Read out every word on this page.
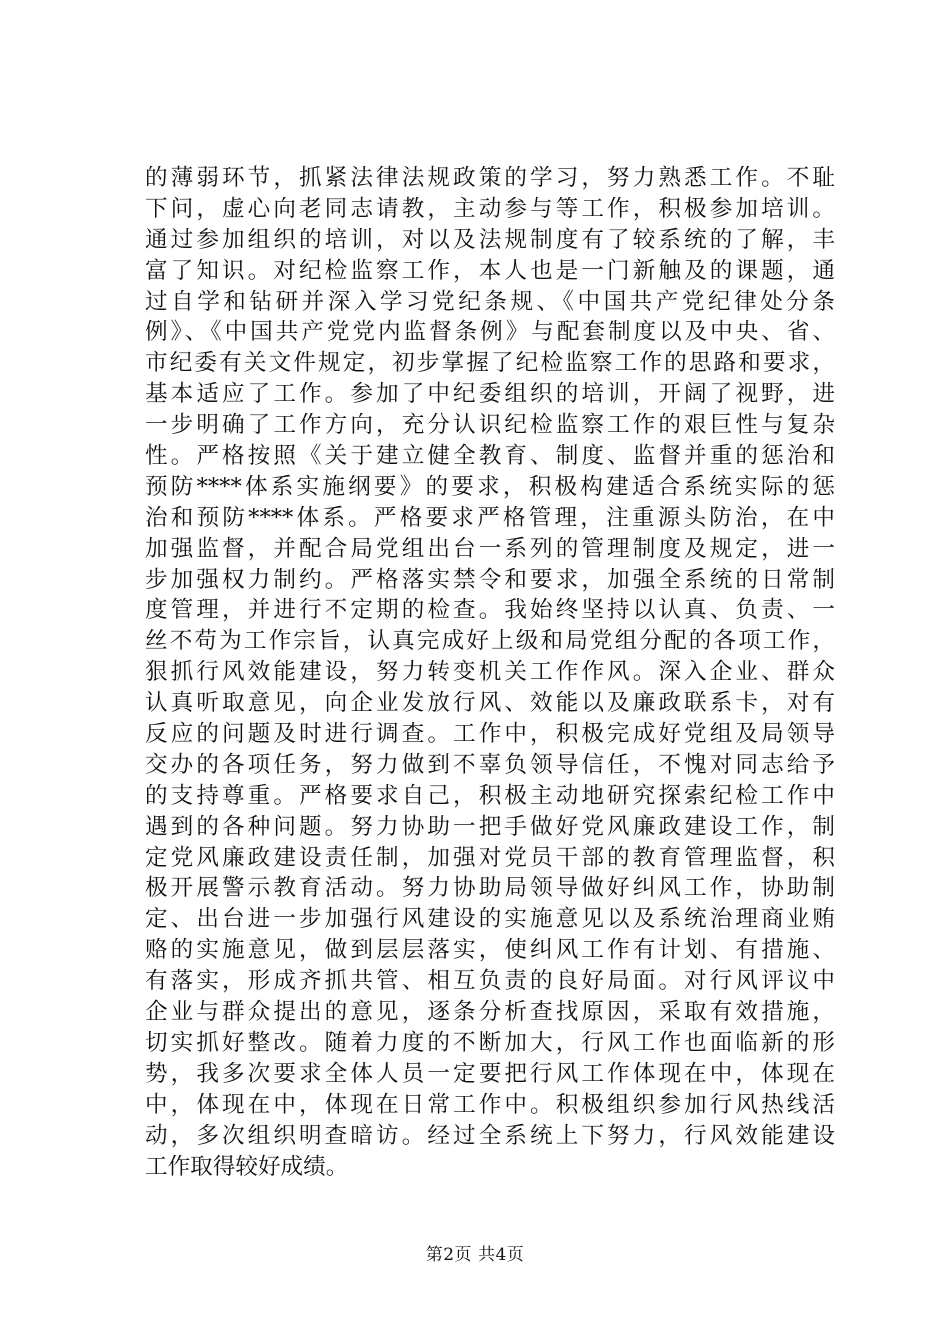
的薄弱环节，抓紧法律法规政策的学习，努力熟悉工作。不耻
下问，虚心向老同志请教，主动参与等工作，积极参加培训。
通过参加组织的培训，对以及法规制度有了较系统的了解，丰
富了知识。对纪检监察工作，本人也是一门新触及的课题，通
过自学和钻研并深入学习党纪条规、《中国共产党纪律处分条
例》、《中国共产党党内监督条例》与配套制度以及中央、省、
市纪委有关文件规定，初步掌握了纪检监察工作的思路和要求，
基本适应了工作。参加了中纪委组织的培训，开阔了视野，进
一步明确了工作方向，充分认识纪检监察工作的艰巨性与复杂
性。严格按照《关于建立健全教育、制度、监督并重的惩治和
预防****体系实施纲要》的要求，积极构建适合系统实际的惩
治和预防****体系。严格要求严格管理，注重源头防治，在中
加强监督，并配合局党组出台一系列的管理制度及规定，进一
步加强权力制约。严格落实禁令和要求，加强全系统的日常制
度管理，并进行不定期的检查。我始终坚持以认真、负责、一
丝不苟为工作宗旨，认真完成好上级和局党组分配的各项工作，
狠抓行风效能建设，努力转变机关工作作风。深入企业、群众
认真听取意见，向企业发放行风、效能以及廉政联系卡，对有
反应的问题及时进行调查。工作中，积极完成好党组及局领导
交办的各项任务，努力做到不辜负领导信任，不愧对同志给予
的支持尊重。严格要求自己，积极主动地研究探索纪检工作中
遇到的各种问题。努力协助一把手做好党风廉政建设工作，制
定党风廉政建设责任制，加强对党员干部的教育管理监督，积
极开展警示教育活动。努力协助局领导做好纠风工作，协助制
定、出台进一步加强行风建设的实施意见以及系统治理商业贿
赂的实施意见，做到层层落实，使纠风工作有计划、有措施、
有落实，形成齐抓共管、相互负责的良好局面。对行风评议中
企业与群众提出的意见，逐条分析查找原因，采取有效措施，
切实抓好整改。随着力度的不断加大，行风工作也面临新的形
势，我多次要求全体人员一定要把行风工作体现在中，体现在
中，体现在中，体现在日常工作中。积极组织参加行风热线活
动，多次组织明查暗访。经过全系统上下努力，行风效能建设
工作取得较好成绩。
第2页 共4页
